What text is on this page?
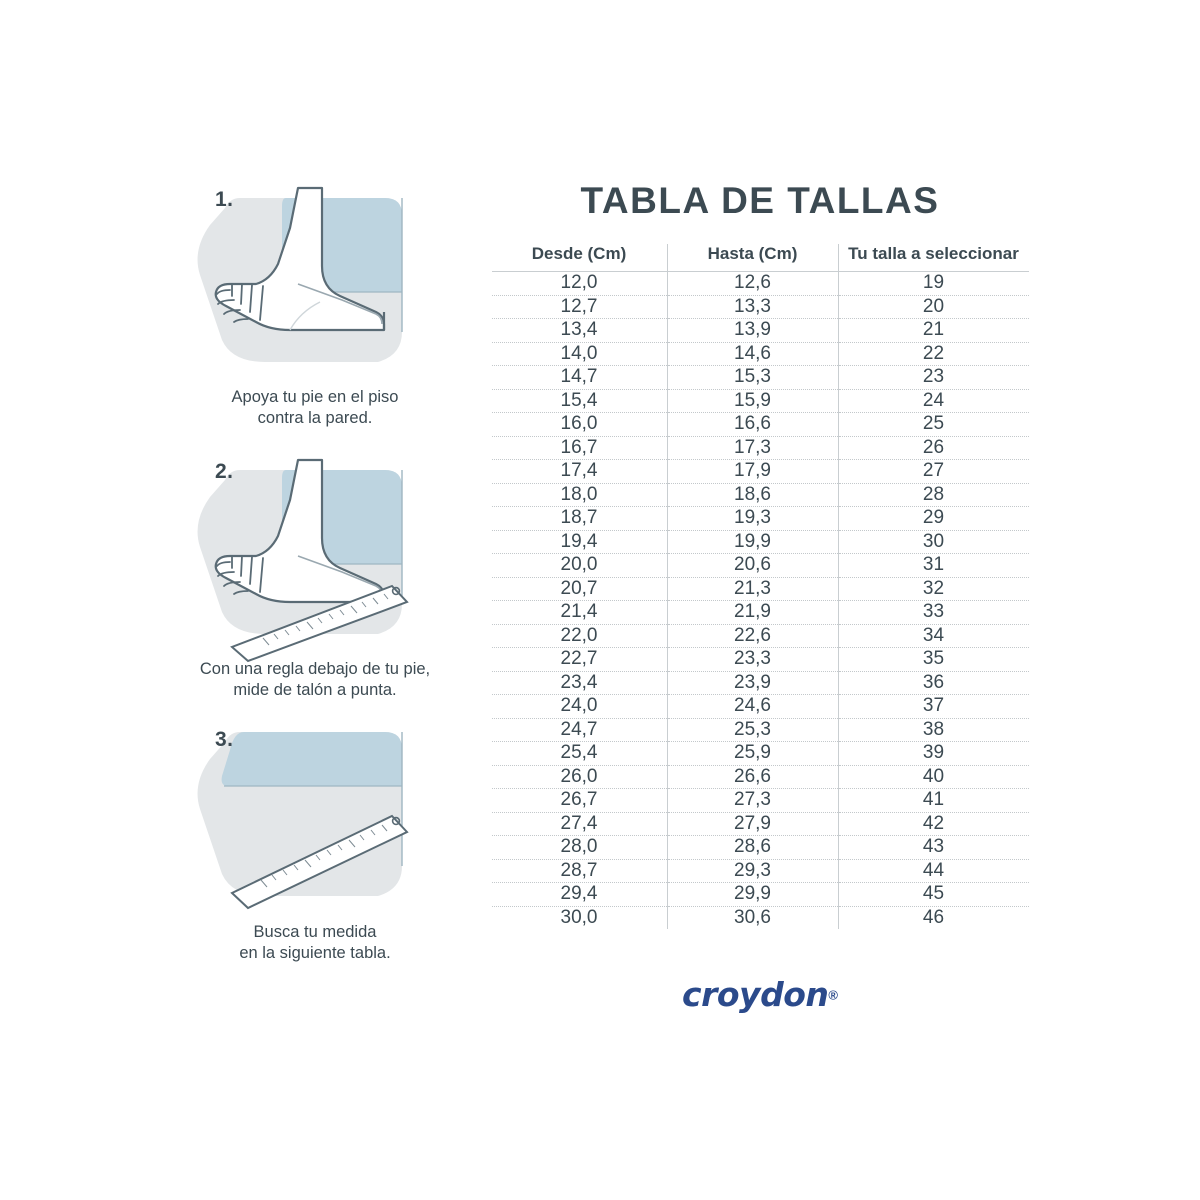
1.
Apoya tu pie en el piso
contra la pared.
2.
Con una regla debajo de tu pie,
mide de talón a punta.
3.
Busca tu medida
en la siguiente tabla.
TABLA DE TALLAS
Desde (Cm)	Hasta (Cm)	Tu talla a seleccionar
12,0	12,6	19
12,7	13,3	20
13,4	13,9	21
14,0	14,6	22
14,7	15,3	23
15,4	15,9	24
16,0	16,6	25
16,7	17,3	26
17,4	17,9	27
18,0	18,6	28
18,7	19,3	29
19,4	19,9	30
20,0	20,6	31
20,7	21,3	32
21,4	21,9	33
22,0	22,6	34
22,7	23,3	35
23,4	23,9	36
24,0	24,6	37
24,7	25,3	38
25,4	25,9	39
26,0	26,6	40
26,7	27,3	41
27,4	27,9	42
28,0	28,6	43
28,7	29,3	44
29,4	29,9	45
30,0	30,6	46
croydon®
